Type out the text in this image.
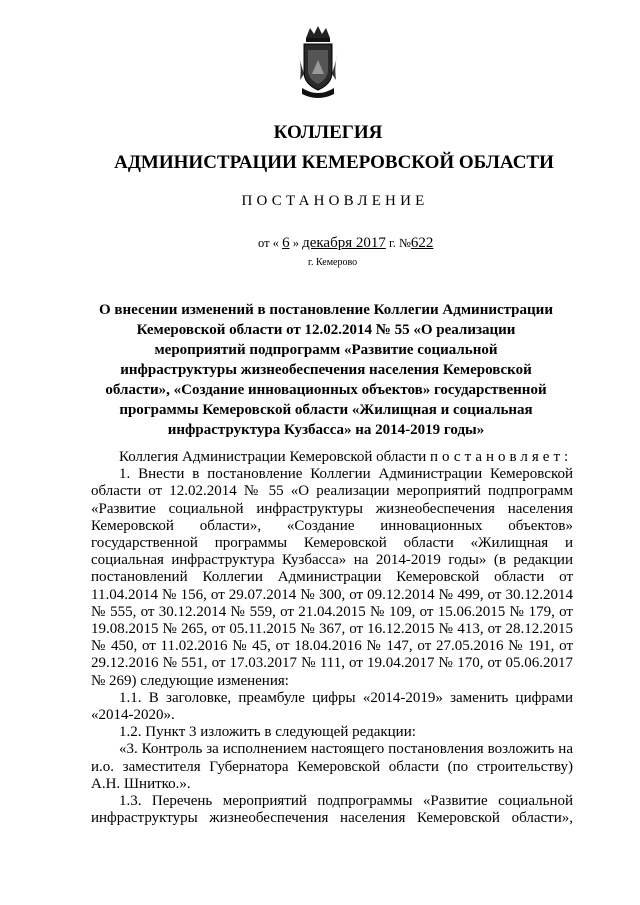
КОЛЛЕГИЯ
АДМИНИСТРАЦИИ КЕМЕРОВСКОЙ ОБЛАСТИ
ПОСТАНОВЛЕНИЕ
от « 6 » декабря 2017 г. №622
г. Кемерово
О внесении изменений в постановление Коллегии Администрации Кемеровской области от 12.02.2014 № 55 «О реализации мероприятий подпрограмм «Развитие социальной инфраструктуры жизнеобеспечения населения Кемеровской области», «Создание инновационных объектов» государственной программы Кемеровской области «Жилищная и социальная инфраструктура Кузбасса» на 2014-2019 годы»

Коллегия Администрации Кемеровской области постановляет:

1. Внести в постановление Коллегии Администрации Кемеровской области от 12.02.2014 № 55 «О реализации мероприятий подпрограмм «Развитие социальной инфраструктуры жизнеобеспечения населения Кемеровской области», «Создание инновационных объектов» государственной программы Кемеровской области «Жилищная и социальная инфраструктура Кузбасса» на 2014-2019 годы» (в редакции постановлений Коллегии Администрации Кемеровской области от 11.04.2014 № 156, от 29.07.2014 № 300, от 09.12.2014 № 499, от 30.12.2014 № 555, от 30.12.2014 № 559, от 21.04.2015 № 109, от 15.06.2015 № 179, от 19.08.2015 № 265, от 05.11.2015 № 367, от 16.12.2015 № 413, от 28.12.2015 № 450, от 11.02.2016 № 45, от 18.04.2016 № 147, от 27.05.2016 № 191, от 29.12.2016 № 551, от 17.03.2017 № 111, от 19.04.2017 № 170, от 05.06.2017 № 269) следующие изменения:

1.1. В заголовке, преамбуле цифры «2014-2019» заменить цифрами «2014-2020».

1.2. Пункт 3 изложить в следующей редакции:

«3. Контроль за исполнением настоящего постановления возложить на и.о. заместителя Губернатора Кемеровской области (по строительству) А.Н. Шнитко.».

1.3. Перечень мероприятий подпрограммы «Развитие социальной инфраструктуры жизнеобеспечения населения Кемеровской области»,
